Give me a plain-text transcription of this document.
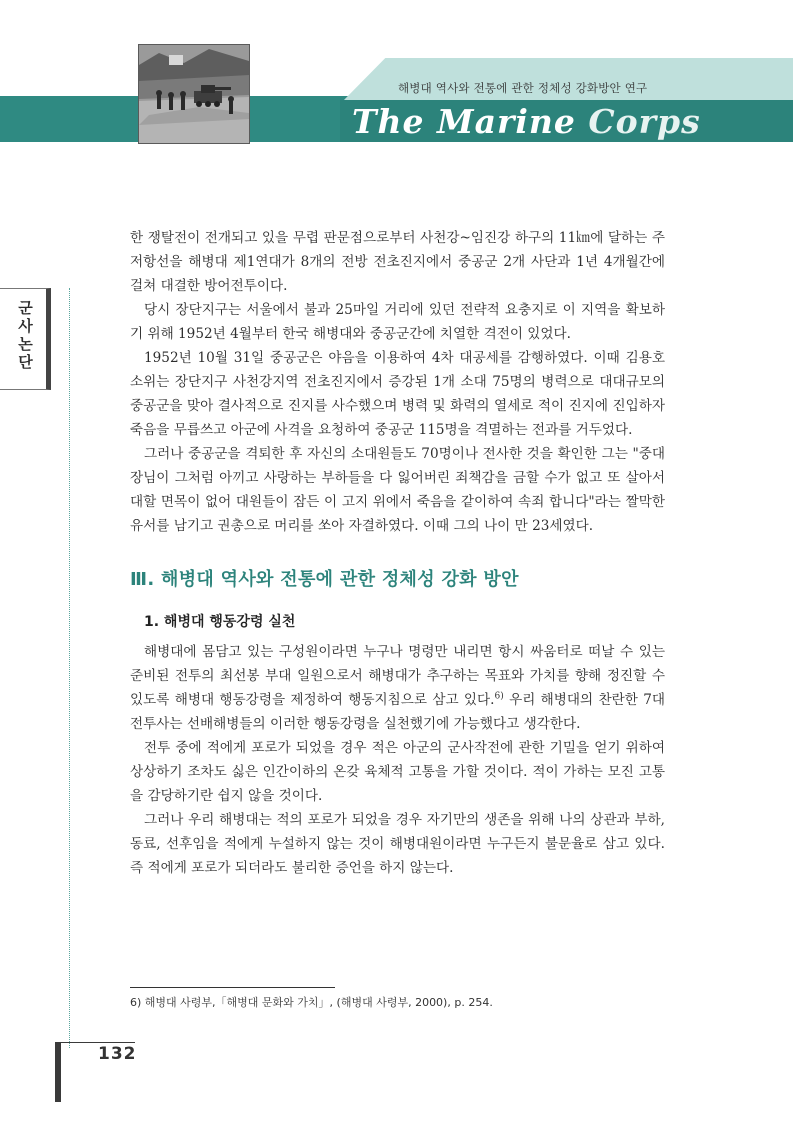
해병대 역사와 전통에 관한 정체성 강화방안 연구
The Marine Corps
군사논단

한 쟁탈전이 전개되고 있을 무렵 판문점으로부터 사천강~임진강 하구의 11㎞에 달하는 주저항선을 해병대 제1연대가 8개의 전방 전초진지에서 중공군 2개 사단과 1년 4개월간에 걸쳐 대결한 방어전투이다.

당시 장단지구는 서울에서 불과 25마일 거리에 있던 전략적 요충지로 이 지역을 확보하기 위해 1952년 4월부터 한국 해병대와 중공군간에 치열한 격전이 있었다.

1952년 10월 31일 중공군은 야음을 이용하여 4차 대공세를 감행하였다. 이때 김용호 소위는 장단지구 사천강지역 전초진지에서 증강된 1개 소대 75명의 병력으로 대대규모의 중공군을 맞아 결사적으로 진지를 사수했으며 병력 및 화력의 열세로 적이 진지에 진입하자 죽음을 무릅쓰고 아군에 사격을 요청하여 중공군 115명을 격멸하는 전과를 거두었다.

그러나 중공군을 격퇴한 후 자신의 소대원들도 70명이나 전사한 것을 확인한 그는 "중대장님이 그처럼 아끼고 사랑하는 부하들을 다 잃어버린 죄책감을 금할 수가 없고 또 살아서 대할 면목이 없어 대원들이 잠든 이 고지 위에서 죽음을 같이하여 속죄 합니다"라는 짤막한 유서를 남기고 권총으로 머리를 쏘아 자결하였다. 이때 그의 나이 만 23세였다.

Ⅲ. 해병대 역사와 전통에 관한 정체성 강화 방안
1. 해병대 행동강령 실천

해병대에 몸담고 있는 구성원이라면 누구나 명령만 내리면 항시 싸움터로 떠날 수 있는 준비된 전투의 최선봉 부대 일원으로서 해병대가 추구하는 목표와 가치를 향해 정진할 수 있도록 해병대 행동강령을 제정하여 행동지침으로 삼고 있다.$^{6)}$ 우리 해병대의 찬란한 7대전투사는 선배해병들의 이러한 행동강령을 실천했기에 가능했다고 생각한다.

전투 중에 적에게 포로가 되었을 경우 적은 아군의 군사작전에 관한 기밀을 얻기 위하여 상상하기 조차도 싫은 인간이하의 온갖 육체적 고통을 가할 것이다. 적이 가하는 모진 고통을 감당하기란 쉽지 않을 것이다.

그러나 우리 해병대는 적의 포로가 되었을 경우 자기만의 생존을 위해 나의 상관과 부하, 동료, 선후임을 적에게 누설하지 않는 것이 해병대원이라면 누구든지 불문율로 삼고 있다. 즉 적에게 포로가 되더라도 불리한 증언을 하지 않는다.

6) 해병대 사령부,「해병대 문화와 가치」, (해병대 사령부, 2000), p. 254.
132
